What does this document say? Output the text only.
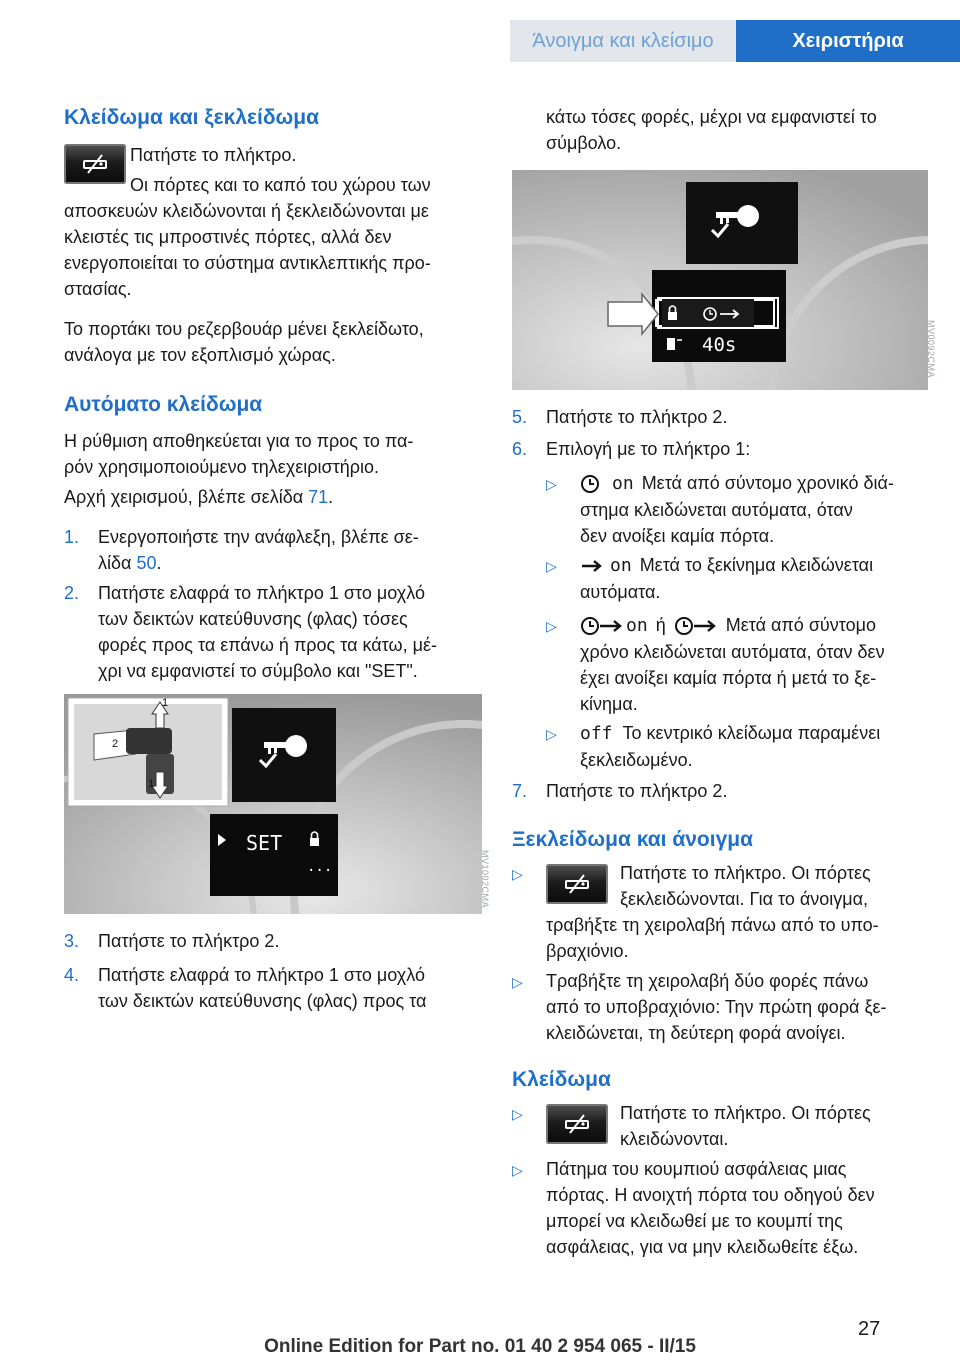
Άνοιγμα και κλείσιμο	Χειριστήρια
Κλείδωμα και ξεκλείδωμα
Πατήστε το πλήκτρο.
Οι πόρτες και το καπό του χώρου των
αποσκευών κλειδώνονται ή ξεκλειδώνονται με
κλειστές τις μπροστινές πόρτες, αλλά δεν
ενεργοποιείται το σύστημα αντικλεπτικής προ-
στασίας.
Το πορτάκι του ρεζερβουάρ μένει ξεκλείδωτο,
ανάλογα με τον εξοπλισμό χώρας.
Αυτόματο κλείδωμα
Η ρύθμιση αποθηκεύεται για το προς το πα-
ρόν χρησιμοποιούμενο τηλεχειριστήριο.
Αρχή χειρισμού, βλέπε σελίδα 71.
1. Ενεργοποιήστε την ανάφλεξη, βλέπε σε-

λίδα 50.

2. Πατήστε ελαφρά το πλήκτρο 1 στο μοχλό

των δεικτών κατεύθυνσης (φλας) τόσες

φορές προς τα επάνω ή προς τα κάτω, μέ-

χρι να εμφανιστεί το σύμβολο και "SET".

SET
...
1
2
1
MV1002CMA
3. Πατήστε το πλήκτρο 2.

4. Πατήστε ελαφρά το πλήκτρο 1 στο μοχλό

των δεικτών κατεύθυνσης (φλας) προς τα

κάτω τόσες φορές, μέχρι να εμφανιστεί το
σύμβολο.
40s	MV0092CMA
5. Πατήστε το πλήκτρο 2.

6. Επιλογή με το πλήκτρο 1:

▷	on Μετά από σύντομο χρονικό διά-

στημα κλειδώνεται αυτόματα, όταν

δεν ανοίξει καμία πόρτα.

▷	on Μετά το ξεκίνημα κλειδώνεται

αυτόματα.

▷	on ή	Μετά από σύντομο

χρόνο κλειδώνεται αυτόματα, όταν δεν

έχει ανοίξει καμία πόρτα ή μετά το ξε-

κίνημα.

▷ off Το κεντρικό κλείδωμα παραμένει

ξεκλειδωμένο.

7. Πατήστε το πλήκτρο 2.

Ξεκλείδωμα και άνοιγμα
▷	Πατήστε το πλήκτρο. Οι πόρτες

ξεκλειδώνονται. Για το άνοιγμα,

τραβήξτε τη χειρολαβή πάνω από το υπο-

βραχιόνιο.

▷ Τραβήξτε τη χειρολαβή δύο φορές πάνω

από το υποβραχιόνιο: Την πρώτη φορά ξε-

κλειδώνεται, τη δεύτερη φορά ανοίγει.

Κλείδωμα
▷	Πατήστε το πλήκτρο. Οι πόρτες

κλειδώνονται.

▷ Πάτημα του κουμπιού ασφάλειας μιας

πόρτας. Η ανοιχτή πόρτα του οδηγού δεν

μπορεί να κλειδωθεί με το κουμπί της

ασφάλειας, για να μην κλειδωθείτε έξω.

27
Online Edition for Part no. 01 40 2 954 065 - II/15
